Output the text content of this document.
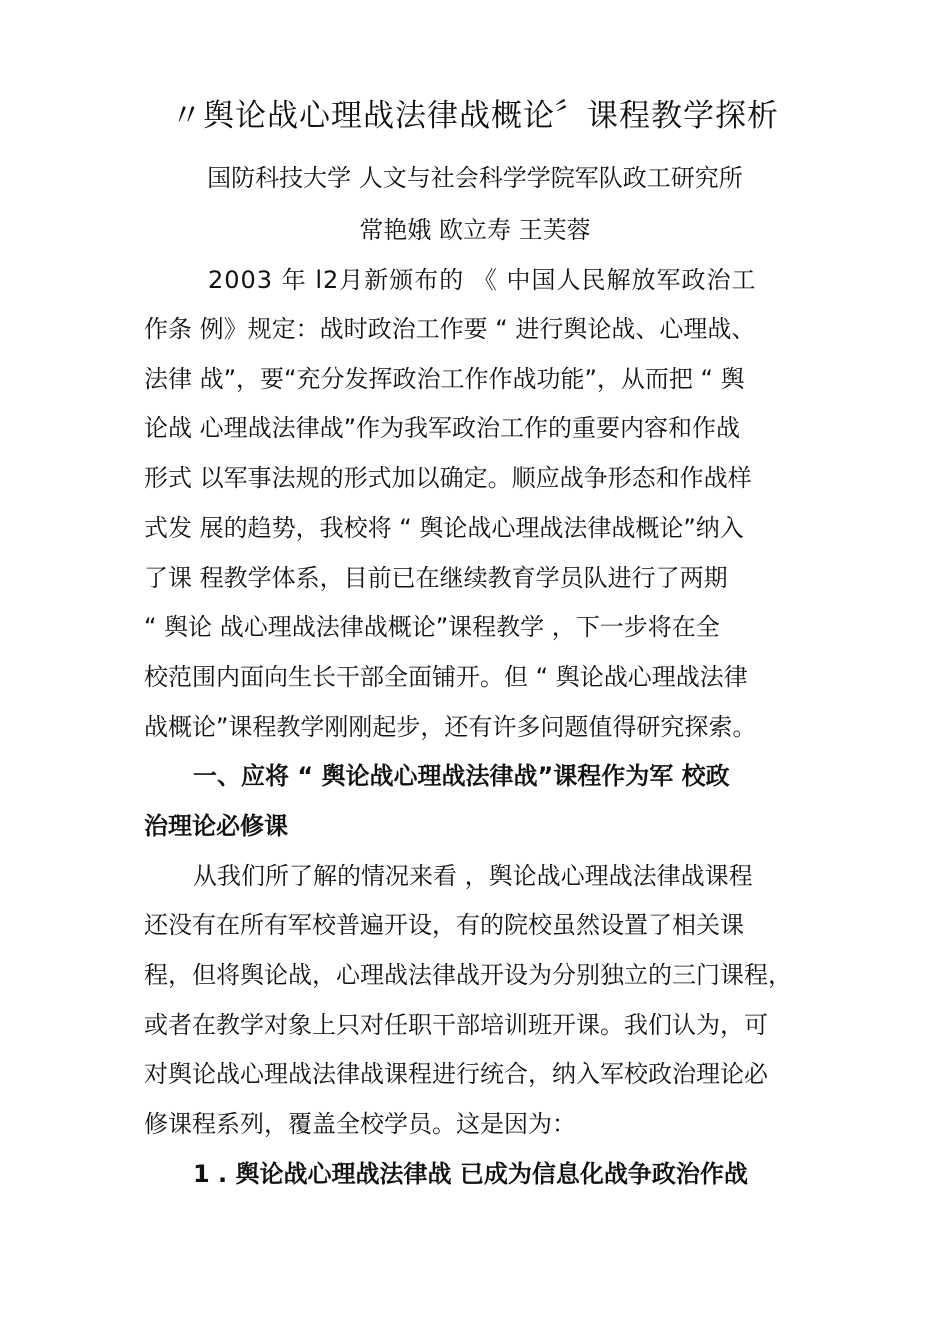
〃舆论战心理战法律战概论〞课程教学探析
国防科技大学 人文与社会科学学院军队政工研究所
常艳娥 欧立寿 王芙蓉
2003 年 l2月新颁布的 《 中国人民解放军政治工
作条 例》规定：战时政治工作要 “ 进行舆论战、心理战、
法律 战”，要“充分发挥政治工作作战功能”，从而把 “ 舆
论战 心理战法律战”作为我军政治工作的重要内容和作战
形式 以军事法规的形式加以确定。顺应战争形态和作战样
式发 展的趋势，我校将 “ 舆论战心理战法律战概论”纳入
了课 程教学体系，目前已在继续教育学员队进行了两期
“ 舆论 战心理战法律战概论”课程教学 ，下一步将在全
校范围内面向生长干部全面铺开。但 “ 舆论战心理战法律
战概论”课程教学刚刚起步，还有许多问题值得研究探索。
一、应将 “ 舆论战心理战法律战”课程作为军 校政
治理论必修课
从我们所了解的情况来看 ，舆论战心理战法律战课程
还没有在所有军校普遍开设，有的院校虽然设置了相关课
程，但将舆论战，心理战法律战开设为分别独立的三门课程，
或者在教学对象上只对任职干部培训班开课。我们认为，可
对舆论战心理战法律战课程进行统合，纳入军校政治理论必
修课程系列，覆盖全校学员。这是因为：
1 . 舆论战心理战法律战 已成为信息化战争政治作战
